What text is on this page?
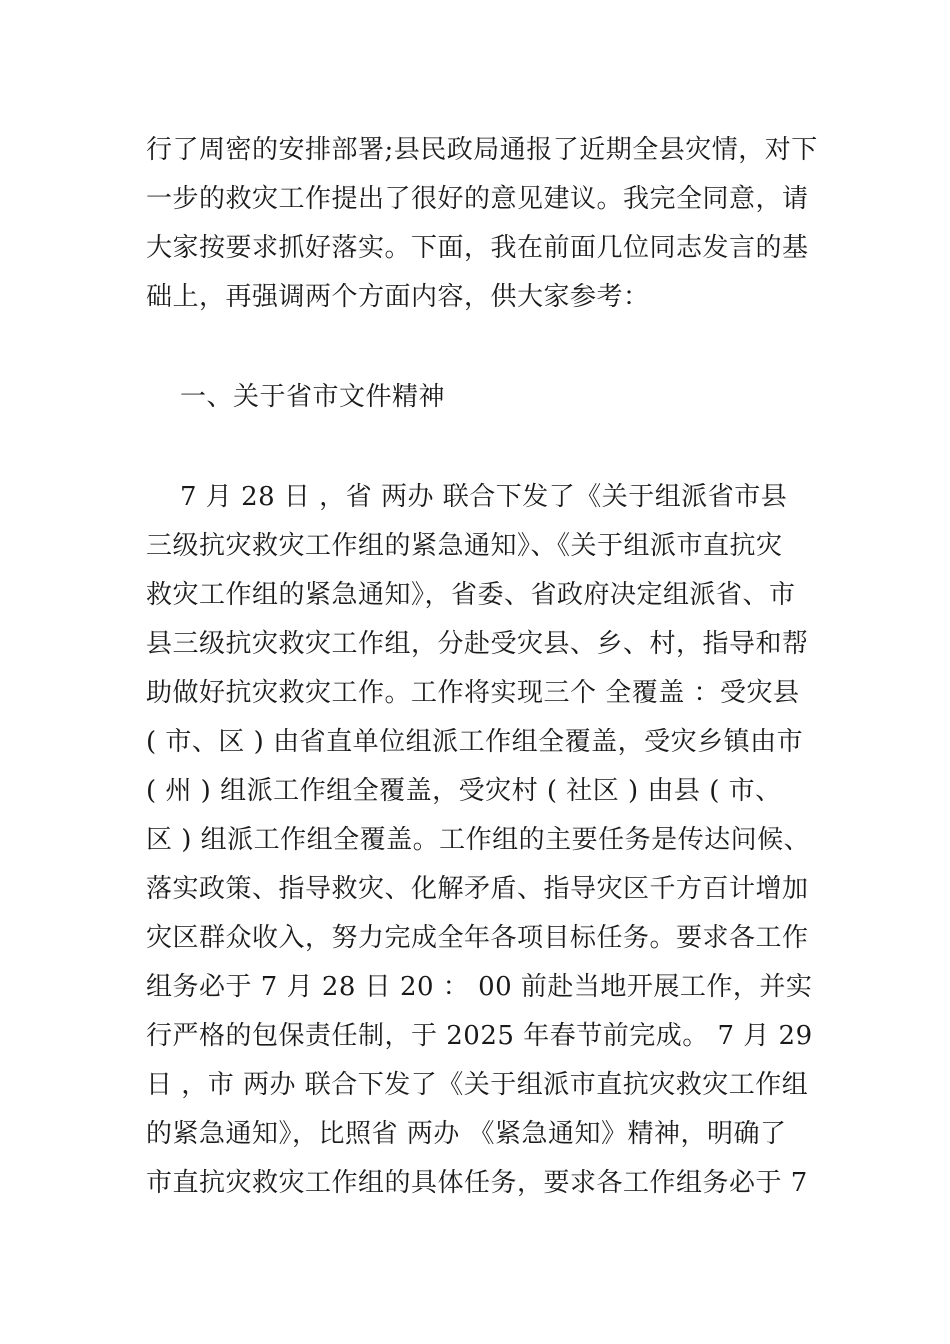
行了周密的安排部署;县民政局通报了近期全县灾情，对下
一步的救灾工作提出了很好的意见建议。我完全同意，请
大家按要求抓好落实。下面，我在前面几位同志发言的基
础上，再强调两个方面内容，供大家参考：
一、关于省市文件精神
7 月 28 日 ，省 两办 联合下发了《关于组派省市县
三级抗灾救灾工作组的紧急通知》、《关于组派市直抗灾
救灾工作组的紧急通知》，省委、省政府决定组派省、市
县三级抗灾救灾工作组，分赴受灾县、乡、村，指导和帮
助做好抗灾救灾工作。工作将实现三个 全覆盖 ：受灾县
( 市、区 ) 由省直单位组派工作组全覆盖，受灾乡镇由市
( 州 ) 组派工作组全覆盖，受灾村 ( 社区 ) 由县 ( 市、
区 ) 组派工作组全覆盖。工作组的主要任务是传达问候、
落实政策、指导救灾、化解矛盾、指导灾区千方百计增加
灾区群众收入，努力完成全年各项目标任务。要求各工作
组务必于 7 月 28 日 20 ： 00 前赴当地开展工作，并实
行严格的包保责任制，于 2025 年春节前完成。 7 月 29
日 ，市 两办 联合下发了《关于组派市直抗灾救灾工作组
的紧急通知》，比照省 两办 《紧急通知》精神，明确了
市直抗灾救灾工作组的具体任务，要求各工作组务必于 7
